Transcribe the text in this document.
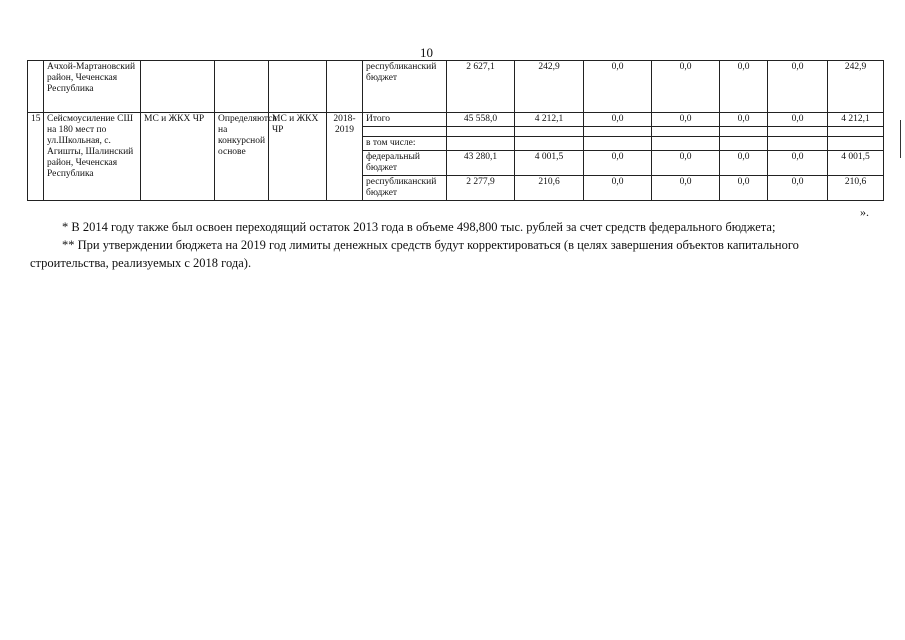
10
	Ачхой-Мартановский район, Чеченская Республика					республиканский бюджет	2 627,1	242,9	0,0	0,0	0,0	0,0	242,9
15	Сейсмоусиление СШ на 180 мест по ул.Школьная, с. Агишты, Шалинский район, Чеченская Республика	МС и ЖКХ ЧР	Определяются на конкурсной основе	МС и ЖКХ ЧР	2018-2019	Итого	45 558,0	4 212,1	0,0	0,0	0,0	0,0	4 212,1

						в том числе:							
						федеральный бюджет	43 280,1	4 001,5	0,0	0,0	0,0	0,0	4 001,5
						республиканский бюджет	2 277,9	210,6	0,0	0,0	0,0	0,0	210,6
».
* В 2014 году также был освоен переходящий остаток 2013 года в объеме 498,800 тыс. рублей за счет средств федерального бюджета;
** При утверждении бюджета на 2019 год лимиты денежных средств будут корректироваться (в целях завершения объектов капитального
строительства, реализуемых с 2018 года).
